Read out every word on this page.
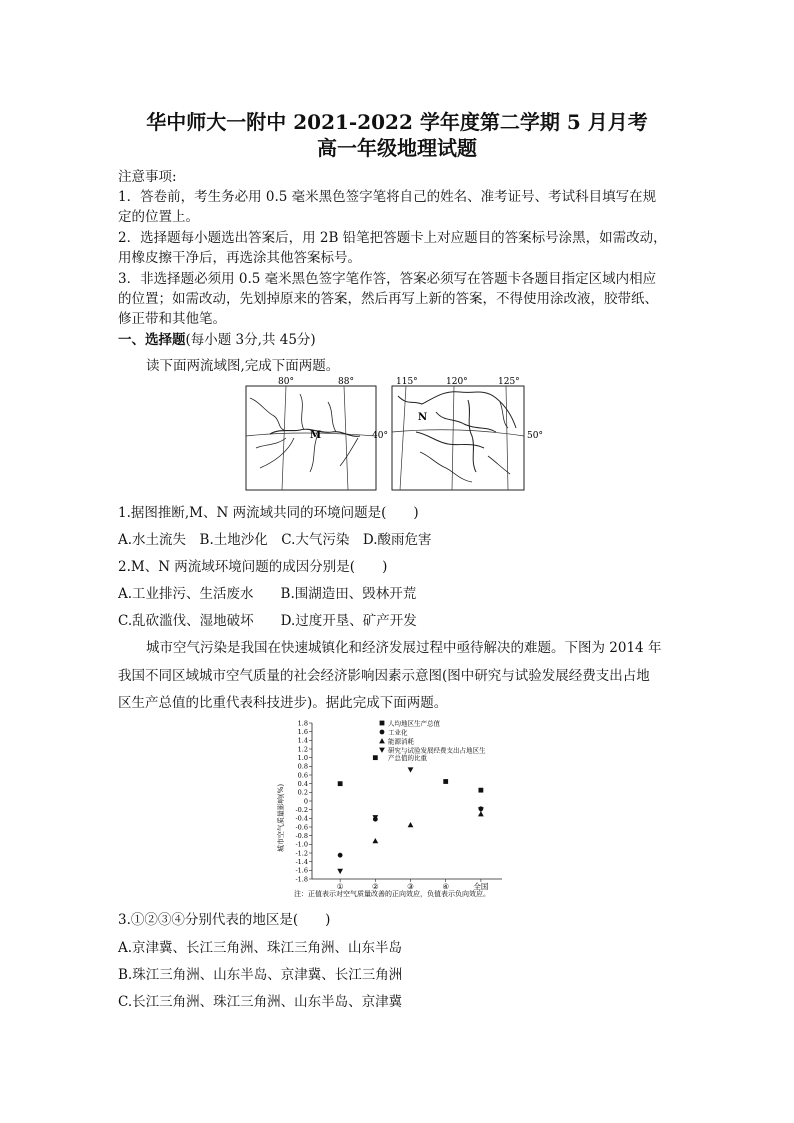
华中师大一附中 2021-2022 学年度第二学期 5 月月考
高一年级地理试题
注意事项:
1．答卷前，考生务必用 0.5 毫米黑色签字笔将自己的姓名、准考证号、考试科目填写在规
定的位置上。
2．选择题每小题选出答案后，用 2B 铅笔把答题卡上对应题目的答案标号涂黑，如需改动，
用橡皮擦干净后，再选涂其他答案标号。
3．非选择题必须用 0.5 毫米黑色签字笔作答，答案必须写在答题卡各题目指定区域内相应
的位置；如需改动，先划掉原来的答案，然后再写上新的答案，不得使用涂改液，胶带纸、
修正带和其他笔。
一、选择题(每小题 3分,共 45分)
读下面两流域图,完成下面两题。
80°	88°
40°
M
115°	120°	125°
50°
N
1.据图推断,M、N 两流域共同的环境问题是(　　)
A.水土流失　B.土地沙化　C.大气污染　D.酸雨危害
2.M、N 两流域环境问题的成因分别是(　　)
A.工业排污、生活废水　　B.围湖造田、毁林开荒
C.乱砍滥伐、湿地破坏　　D.过度开垦、矿产开发
城市空气污染是我国在快速城镇化和经济发展过程中亟待解决的难题。下图为 2014 年
我国不同区域城市空气质量的社会经济影响因素示意图(图中研究与试验发展经费支出占地
区生产总值的比重代表科技进步)。据此完成下面两题。
1.8
1.6
1.4
1.2
1.0
0.8
0.6
0.4
0.2
0
-0.2
-0.4
-0.6
-0.8
-1.0
-1.2
-1.4
-1.6
-1.8
①	②	③	④	全国
人均地区生产总值
工业化
能源消耗
研究与试验发展经费支出占地区生
产总值的比重
城市空气质量影响(%)
注：正值表示对空气质量改善的正向效应，负值表示负向效应。
3.①②③④分别代表的地区是(　　)
A.京津冀、长江三角洲、珠江三角洲、山东半岛
B.珠江三角洲、山东半岛、京津冀、长江三角洲
C.长江三角洲、珠江三角洲、山东半岛、京津冀
